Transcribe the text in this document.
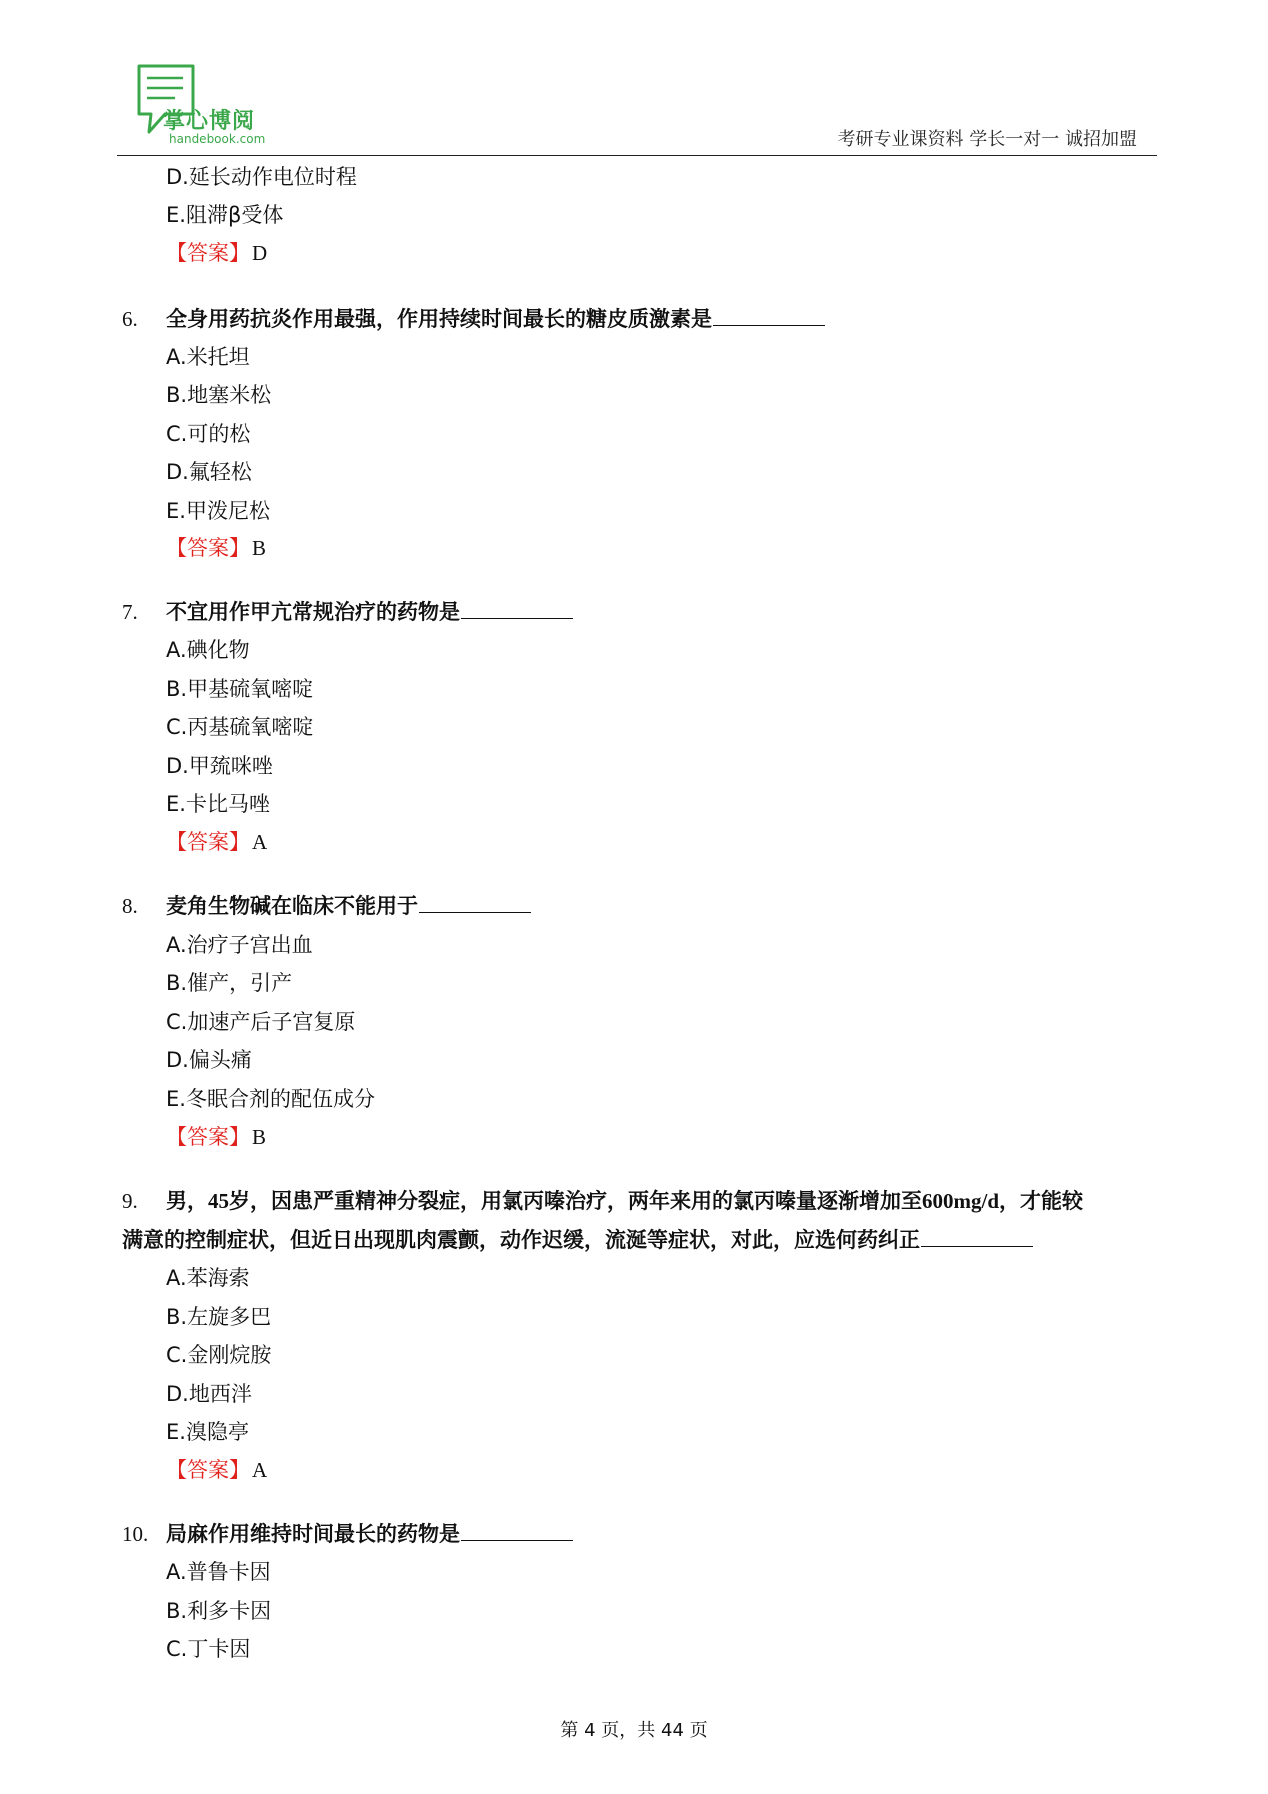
掌心博阅
handebook.com	考研专业课资料 学长一对一 诚招加盟
D.延长动作电位时程
E.阻滞β受体
【答案】D
6. 全身用药抗炎作用最强，作用持续时间最长的糖皮质激素是
A.米托坦
B.地塞米松
C.可的松
D.氟轻松
E.甲泼尼松
【答案】B
7. 不宜用作甲亢常规治疗的药物是
A.碘化物
B.甲基硫氧嘧啶
C.丙基硫氧嘧啶
D.甲巯咪唑
E.卡比马唑
【答案】A
8. 麦角生物碱在临床不能用于
A.治疗子宫出血
B.催产，引产
C.加速产后子宫复原
D.偏头痛
E.冬眠合剂的配伍成分
【答案】B
9. 男，45岁，因患严重精神分裂症，用氯丙嗪治疗，两年来用的氯丙嗪量逐渐增加至600mg/d，才能较
满意的控制症状，但近日出现肌肉震颤，动作迟缓，流涎等症状，对此，应选何药纠正
A.苯海索
B.左旋多巴
C.金刚烷胺
D.地西泮
E.溴隐亭
【答案】A
10. 局麻作用维持时间最长的药物是
A.普鲁卡因
B.利多卡因
C.丁卡因
第 4 页，共 44 页
